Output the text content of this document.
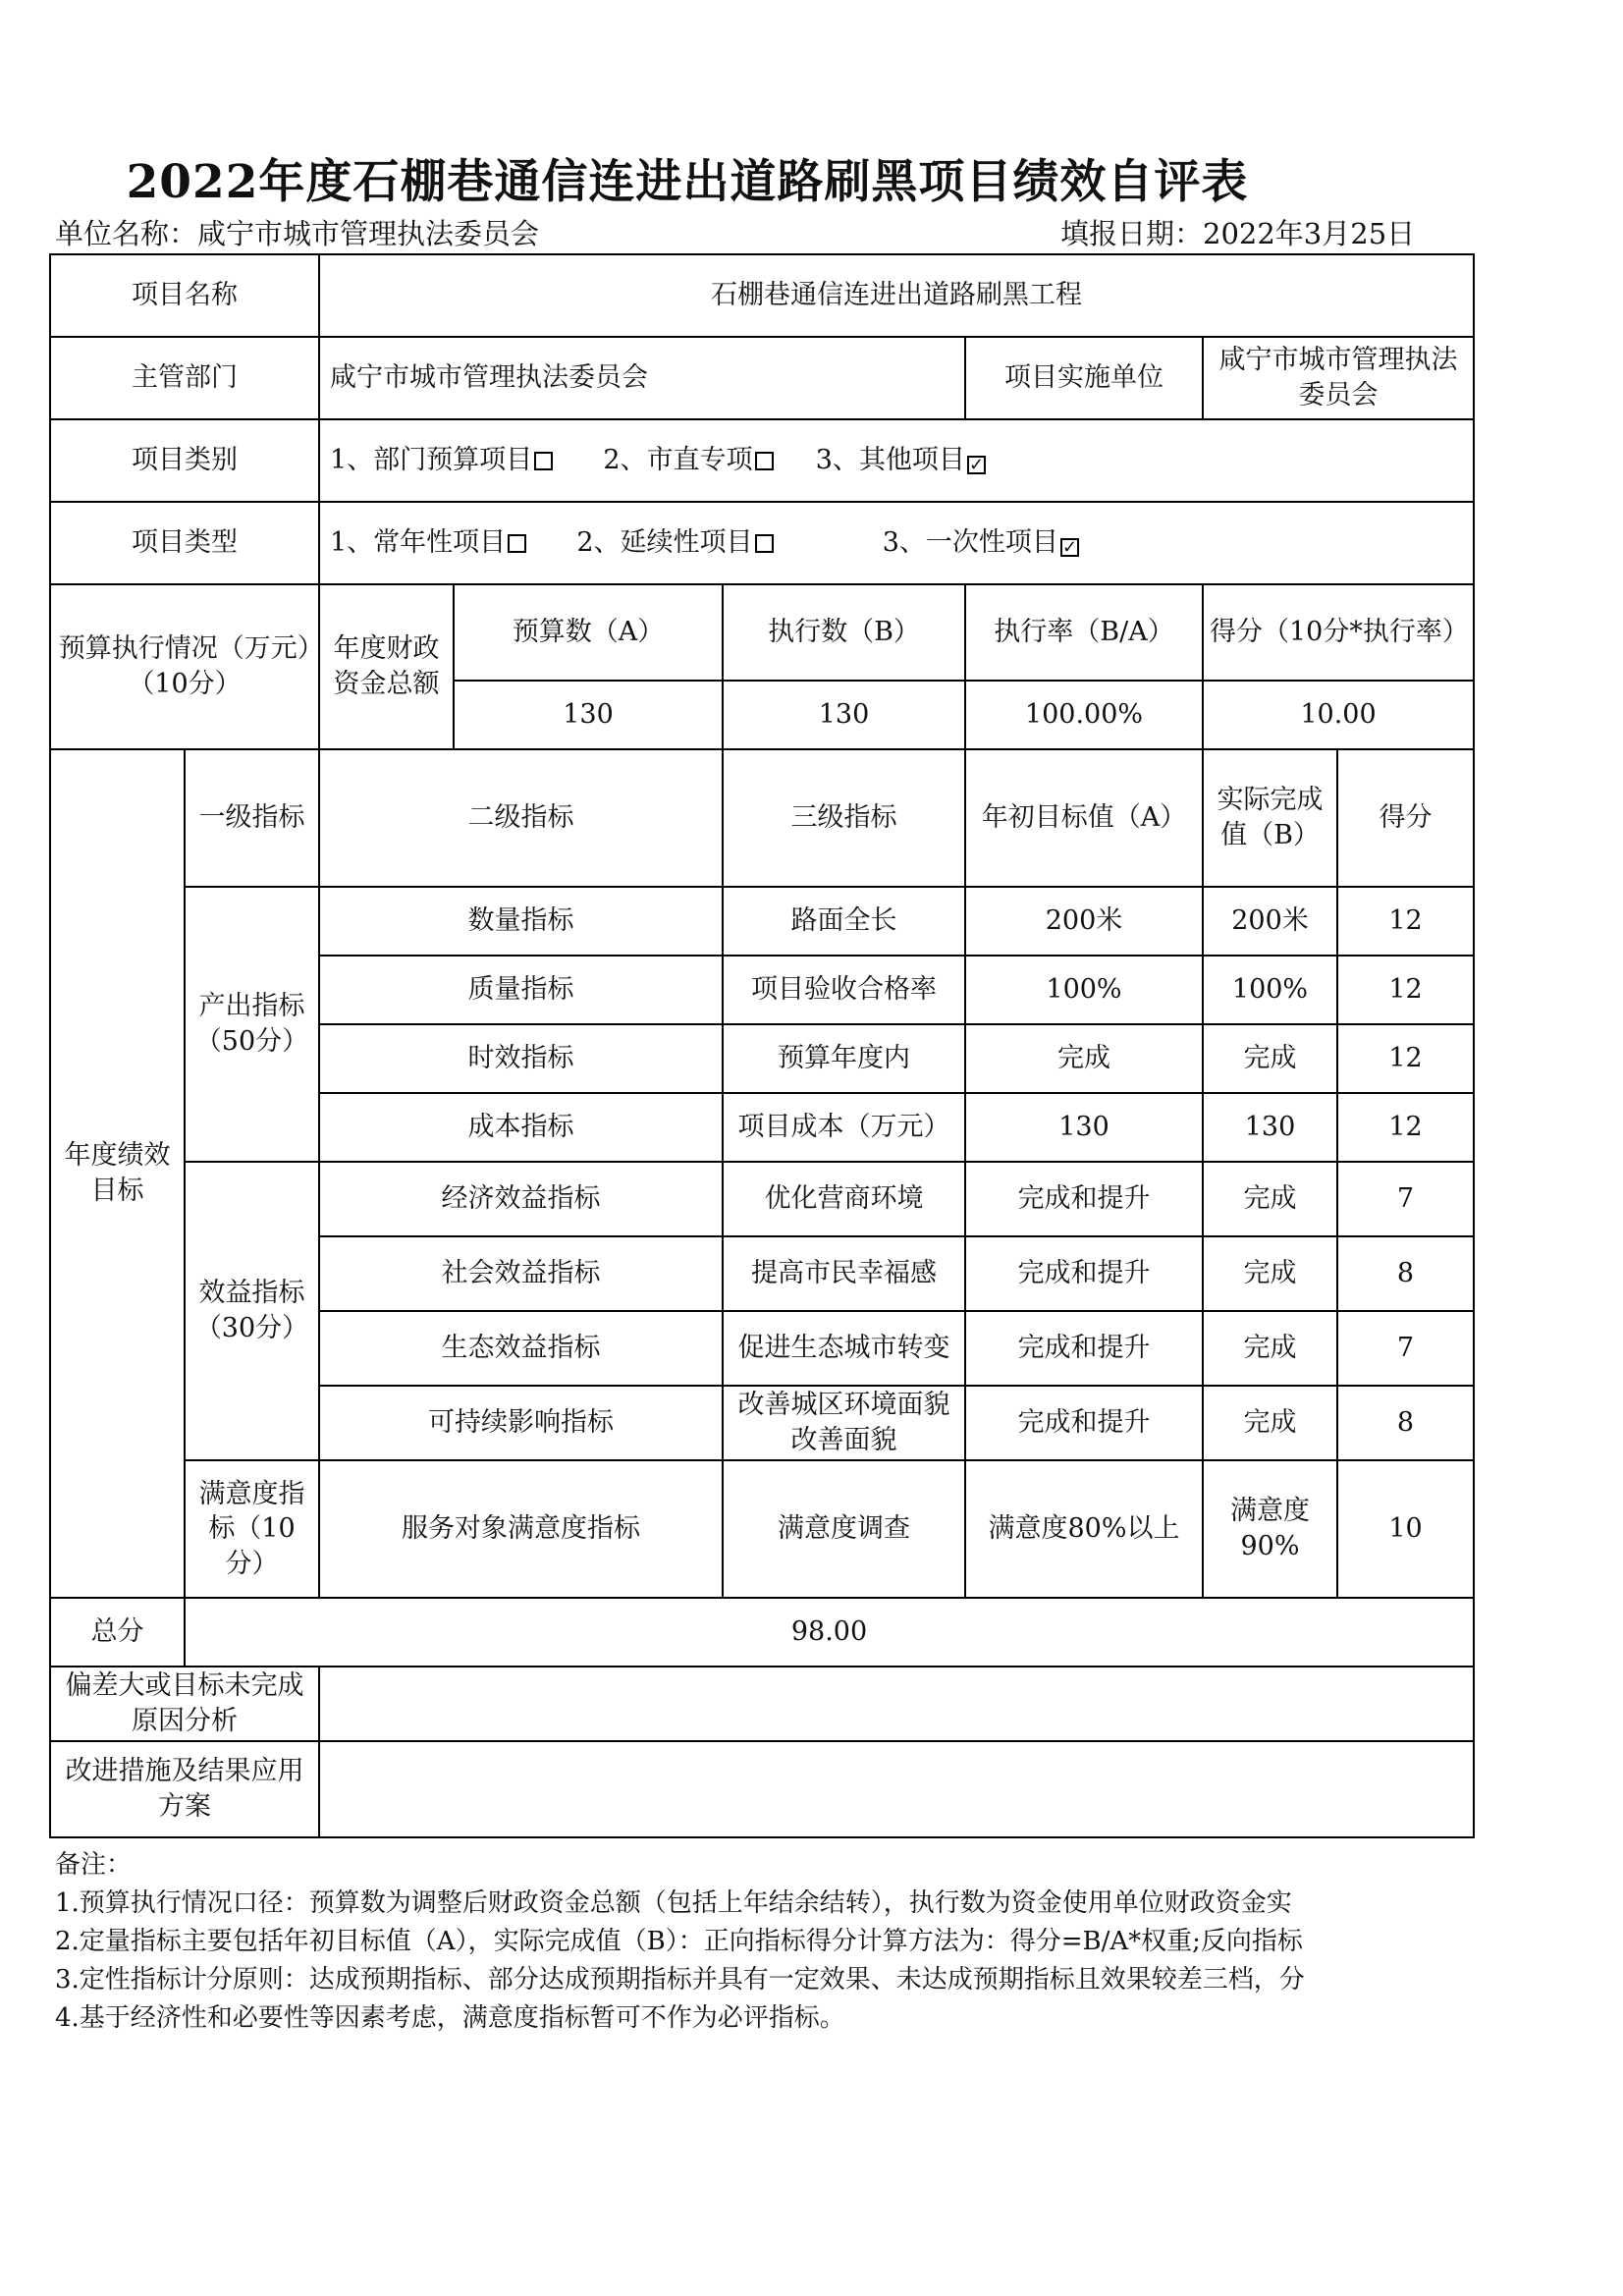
2022年度石棚巷通信连进出道路刷黑项目绩效自评表
单位名称：咸宁市城市管理执法委员会	填报日期：2022年3月25日
项目名称		石棚巷通信连进出道路刷黑工程					
主管部门		咸宁市城市管理执法委员会			项目实施单位	咸宁市城市管理执法委员会	
项目类别		1、部门预算项目 2、市直专项 3、其他项目 ✓					
项目类型		1、常年性项目 2、延续性项目 3、一次性项目 ✓					
预算执行情况（万元）（10分）		年度财政资金总额	预算数（A）	执行数（B）	执行率（B/A）	得分（10分*执行率）	
			130	130	100.00%	10.00	
年度绩效目标	一级指标	二级指标		三级指标	年初目标值（A）	实际完成值（B）	得分
	产出指标（50分）	数量指标		路面全长	200米	200米	12
		质量指标		项目验收合格率	100%	100%	12
		时效指标		预算年度内	完成	完成	12
		成本指标		项目成本（万元）	130	130	12
	效益指标（30分）	经济效益指标		优化营商环境	完成和提升	完成	7
		社会效益指标		提高市民幸福感	完成和提升	完成	8
		生态效益指标		促进生态城市转变	完成和提升	完成	7
		可持续影响指标		改善城区环境面貌改善面貌	完成和提升	完成	8
	满意度指　标（10分）	服务对象满意度指标		满意度调查	满意度80%以上	满意度90%	10
总分	98.00						
偏差大或目标未完成原因分析							
改进措施及结果应用方案							
备注：
1.预算执行情况口径：预算数为调整后财政资金总额（包括上年结余结转），执行数为资金使用单位财政资金实
2.定量指标主要包括年初目标值（A），实际完成值（B）：正向指标得分计算方法为：得分=B/A*权重;反向指标
3.定性指标计分原则：达成预期指标、部分达成预期指标并具有一定效果、未达成预期指标且效果较差三档，分
4.基于经济性和必要性等因素考虑，满意度指标暂可不作为必评指标。
